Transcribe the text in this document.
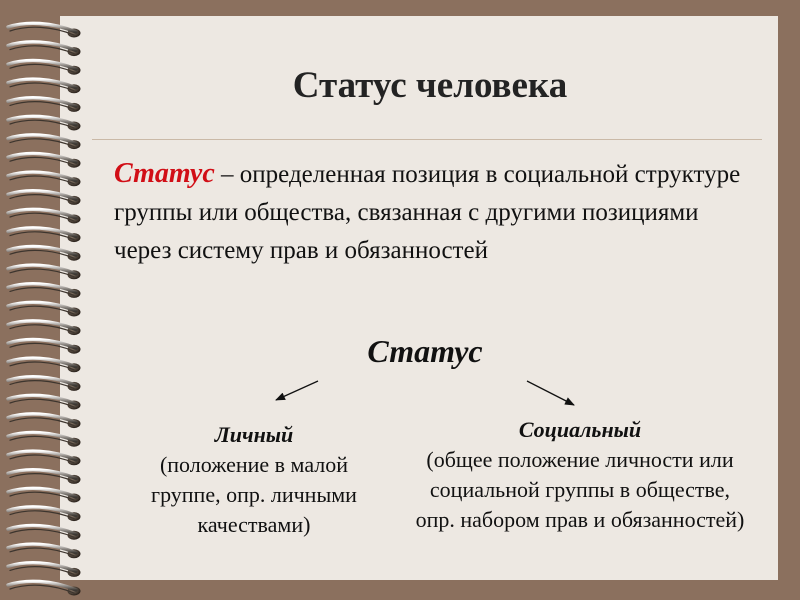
Статус человека
Статус – определенная позиция в социальной структуре группы или общества, связанная с другими позициями через систему прав и обязанностей
Статус
Личный
(положение в малой группе, опр. личными качествами)
Социальный
(общее положение личности или социальной группы в обществе, опр. набором прав и обязанностей)
